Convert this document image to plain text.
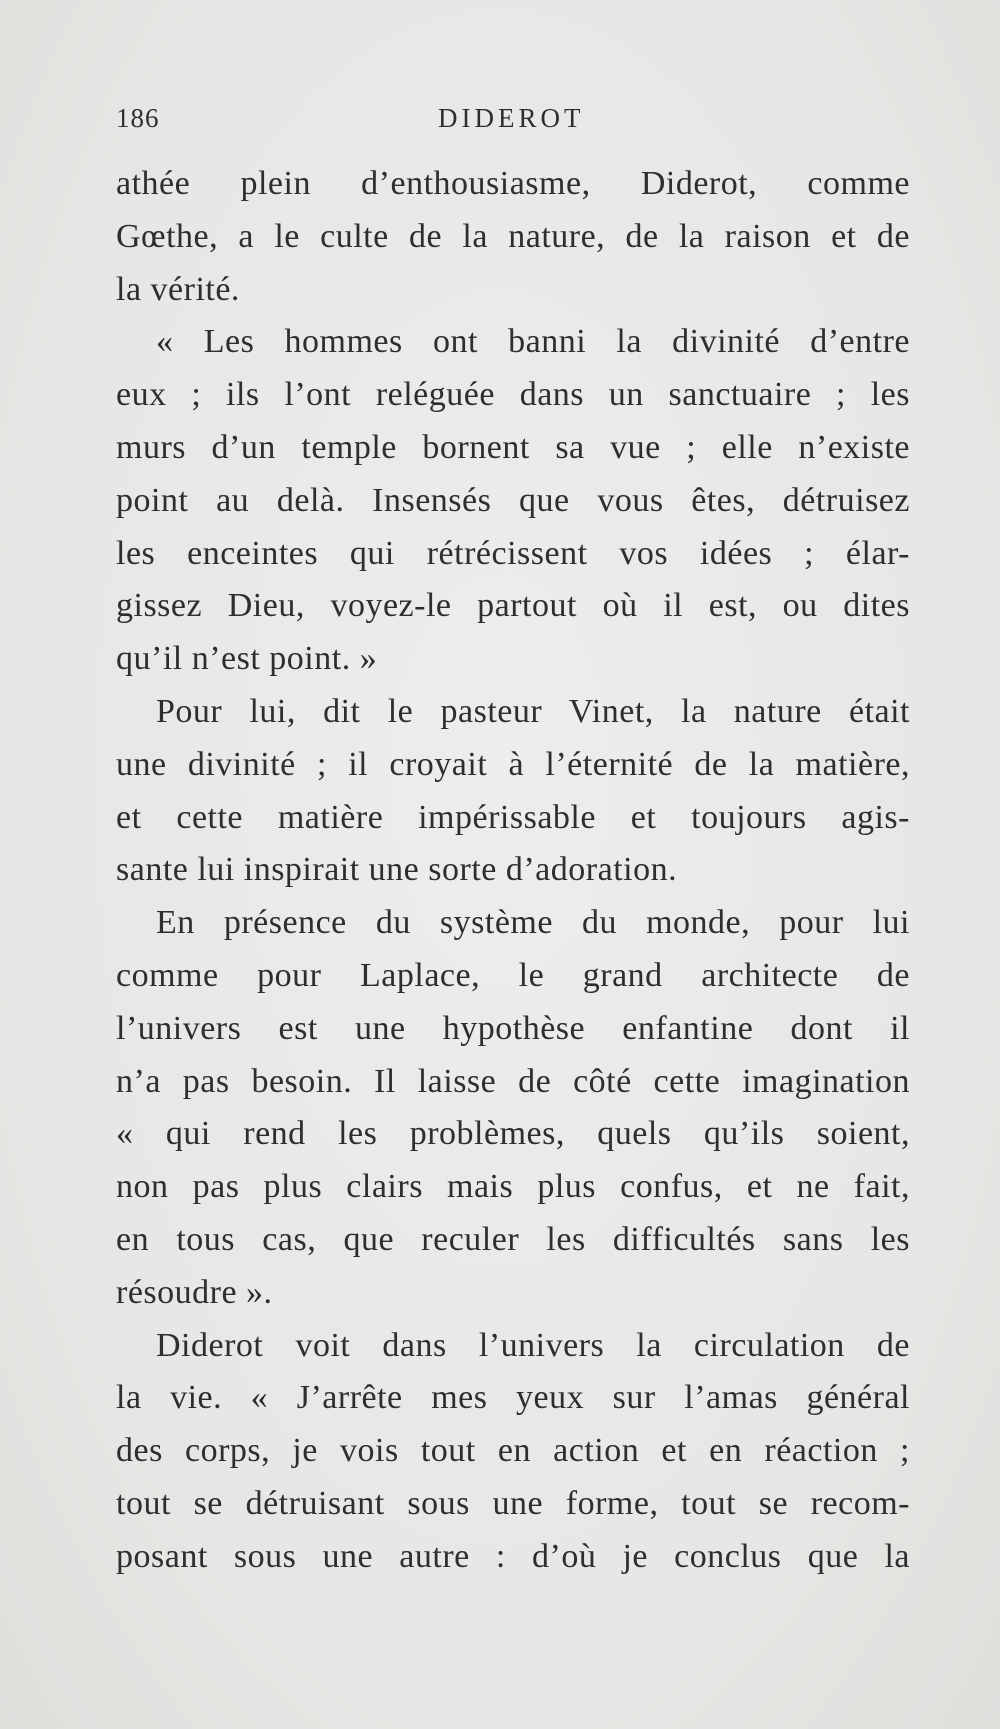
186	DIDEROT
athée plein d’enthousiasme, Diderot, comme
Gœthe, a le culte de la nature, de la raison et de
la vérité.
« Les hommes ont banni la divinité d’entre
eux ; ils l’ont reléguée dans un sanctuaire ; les
murs d’un temple bornent sa vue ; elle n’existe
point au delà. Insensés que vous êtes, détruisez
les enceintes qui rétrécissent vos idées ; élar-
gissez Dieu, voyez-le partout où il est, ou dites
qu’il n’est point. »
Pour lui, dit le pasteur Vinet, la nature était
une divinité ; il croyait à l’éternité de la matière,
et cette matière impérissable et toujours agis-
sante lui inspirait une sorte d’adoration.
En présence du système du monde, pour lui
comme pour Laplace, le grand architecte de
l’univers est une hypothèse enfantine dont il
n’a pas besoin. Il laisse de côté cette imagination
« qui rend les problèmes, quels qu’ils soient,
non pas plus clairs mais plus confus, et ne fait,
en tous cas, que reculer les difficultés sans les
résoudre ».
Diderot voit dans l’univers la circulation de
la vie. « J’arrête mes yeux sur l’amas général
des corps, je vois tout en action et en réaction ;
tout se détruisant sous une forme, tout se recom-
posant sous une autre : d’où je conclus que la
